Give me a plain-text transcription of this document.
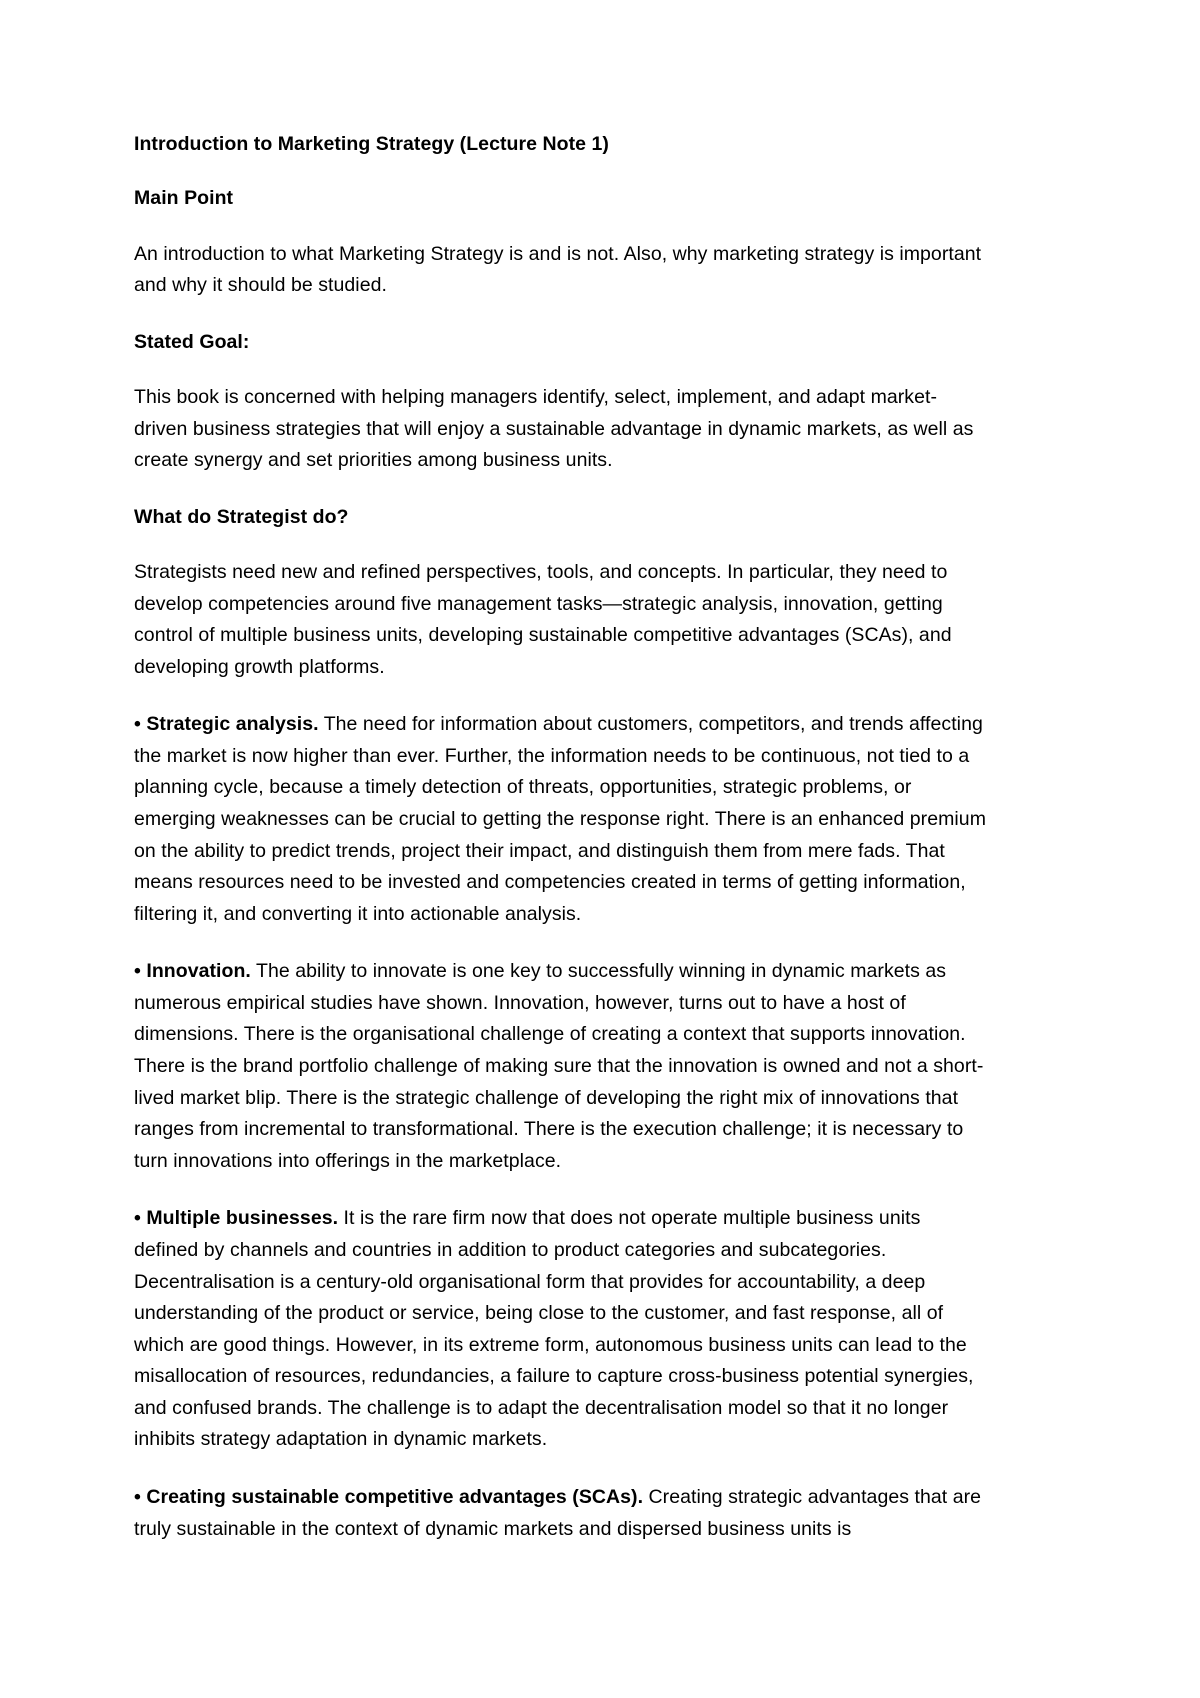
Introduction to Marketing Strategy (Lecture Note 1)

Main Point

An introduction to what Marketing Strategy is and is not. Also, why marketing strategy is important and why it should be studied.

Stated Goal:

This book is concerned with helping managers identify, select, implement, and adapt market- driven business strategies that will enjoy a sustainable advantage in dynamic markets, as well as create synergy and set priorities among business units.

What do Strategist do?

Strategists need new and refined perspectives, tools, and concepts. In particular, they need to develop competencies around five management tasks—strategic analysis, innovation, getting control of multiple business units, developing sustainable competitive advantages (SCAs), and developing growth platforms.

• Strategic analysis. The need for information about customers, competitors, and trends affecting the market is now higher than ever. Further, the information needs to be continuous, not tied to a planning cycle, because a timely detection of threats, opportunities, strategic problems, or emerging weaknesses can be crucial to getting the response right. There is an enhanced premium on the ability to predict trends, project their impact, and distinguish them from mere fads. That means resources need to be invested and competencies created in terms of getting information, filtering it, and converting it into actionable analysis.

• Innovation. The ability to innovate is one key to successfully winning in dynamic markets as numerous empirical studies have shown. Innovation, however, turns out to have a host of dimensions. There is the organisational challenge of creating a context that supports innovation. There is the brand portfolio challenge of making sure that the innovation is owned and not a short-lived market blip. There is the strategic challenge of developing the right mix of innovations that ranges from incremental to transformational. There is the execution challenge; it is necessary to turn innovations into offerings in the marketplace.

• Multiple businesses. It is the rare firm now that does not operate multiple business units defined by channels and countries in addition to product categories and subcategories. Decentralisation is a century-old organisational form that provides for accountability, a deep understanding of the product or service, being close to the customer, and fast response, all of which are good things. However, in its extreme form, autonomous business units can lead to the misallocation of resources, redundancies, a failure to capture cross-business potential synergies, and confused brands. The challenge is to adapt the decentralisation model so that it no longer inhibits strategy adaptation in dynamic markets.

• Creating sustainable competitive advantages (SCAs). Creating strategic advantages that are truly sustainable in the context of dynamic markets and dispersed business units is
